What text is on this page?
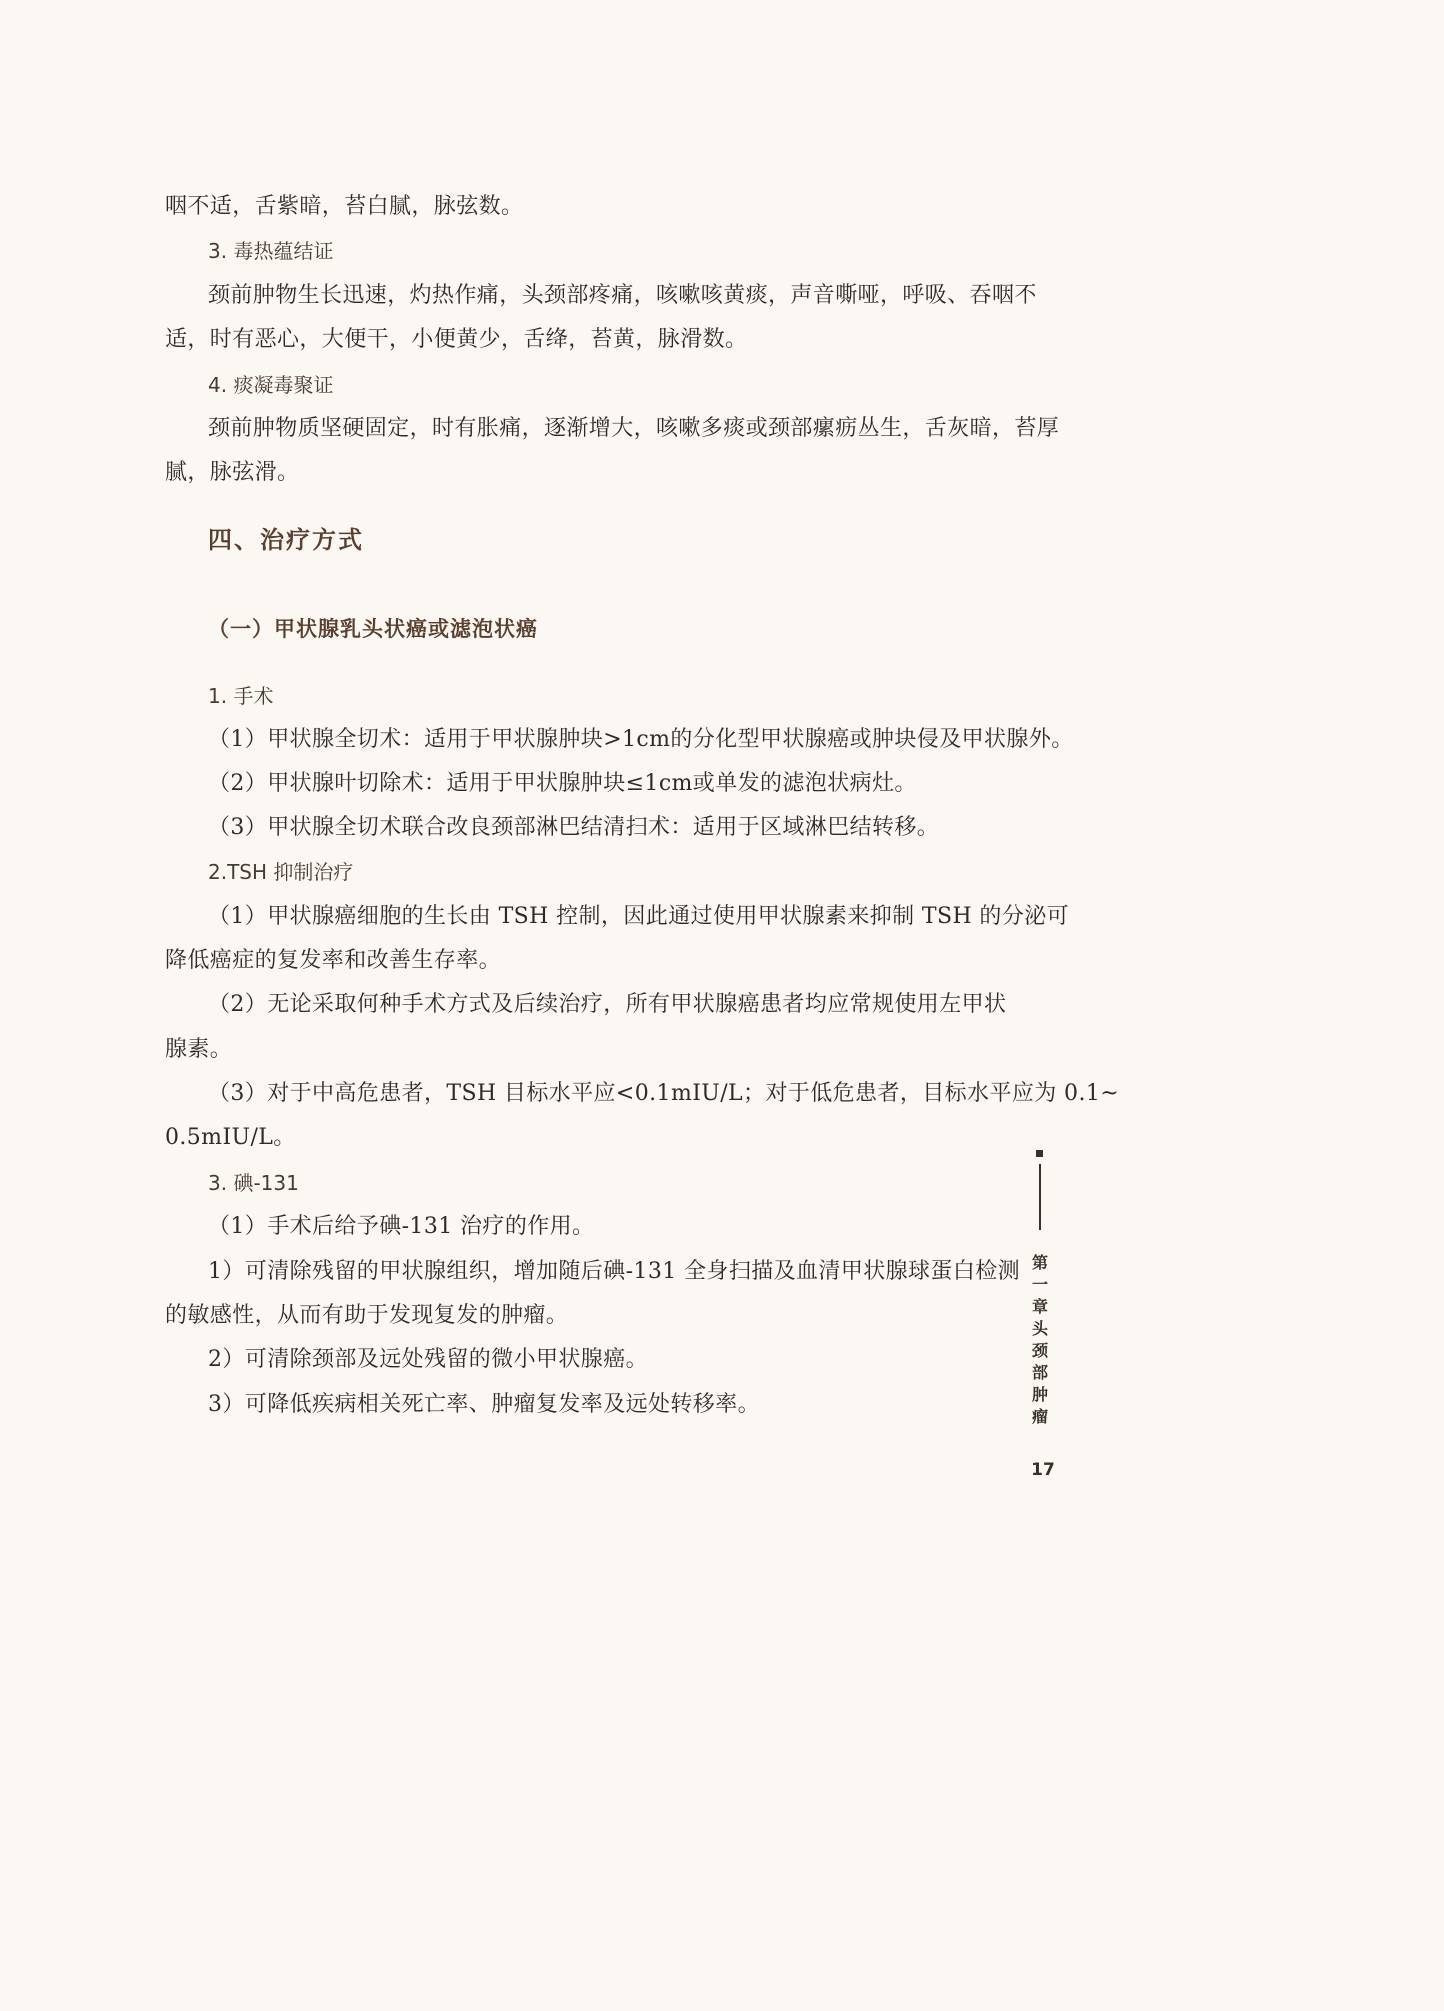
咽不适，舌紫暗，苔白腻，脉弦数。
3. 毒热蕴结证
颈前肿物生长迅速，灼热作痛，头颈部疼痛，咳嗽咳黄痰，声音嘶哑，呼吸、吞咽不
适，时有恶心，大便干，小便黄少，舌绛，苔黄，脉滑数。
4. 痰凝毒聚证
颈前肿物质坚硬固定，时有胀痛，逐渐增大，咳嗽多痰或颈部瘰疬丛生，舌灰暗，苔厚
腻，脉弦滑。
四、治疗方式
（一）甲状腺乳头状癌或滤泡状癌
1. 手术
（1）甲状腺全切术：适用于甲状腺肿块>1cm的分化型甲状腺癌或肿块侵及甲状腺外。
（2）甲状腺叶切除术：适用于甲状腺肿块≤1cm或单发的滤泡状病灶。
（3）甲状腺全切术联合改良颈部淋巴结清扫术：适用于区域淋巴结转移。
2.TSH 抑制治疗
（1）甲状腺癌细胞的生长由 TSH 控制，因此通过使用甲状腺素来抑制 TSH 的分泌可
降低癌症的复发率和改善生存率。
（2）无论采取何种手术方式及后续治疗，所有甲状腺癌患者均应常规使用左甲状
腺素。
（3）对于中高危患者，TSH 目标水平应<0.1mIU/L；对于低危患者，目标水平应为 0.1~
0.5mIU/L。
3. 碘-131
（1）手术后给予碘-131 治疗的作用。
1）可清除残留的甲状腺组织，增加随后碘-131 全身扫描及血清甲状腺球蛋白检测
的敏感性，从而有助于发现复发的肿瘤。
2）可清除颈部及远处残留的微小甲状腺癌。
3）可降低疾病相关死亡率、肿瘤复发率及远处转移率。
第一章 头颈部肿瘤
17
